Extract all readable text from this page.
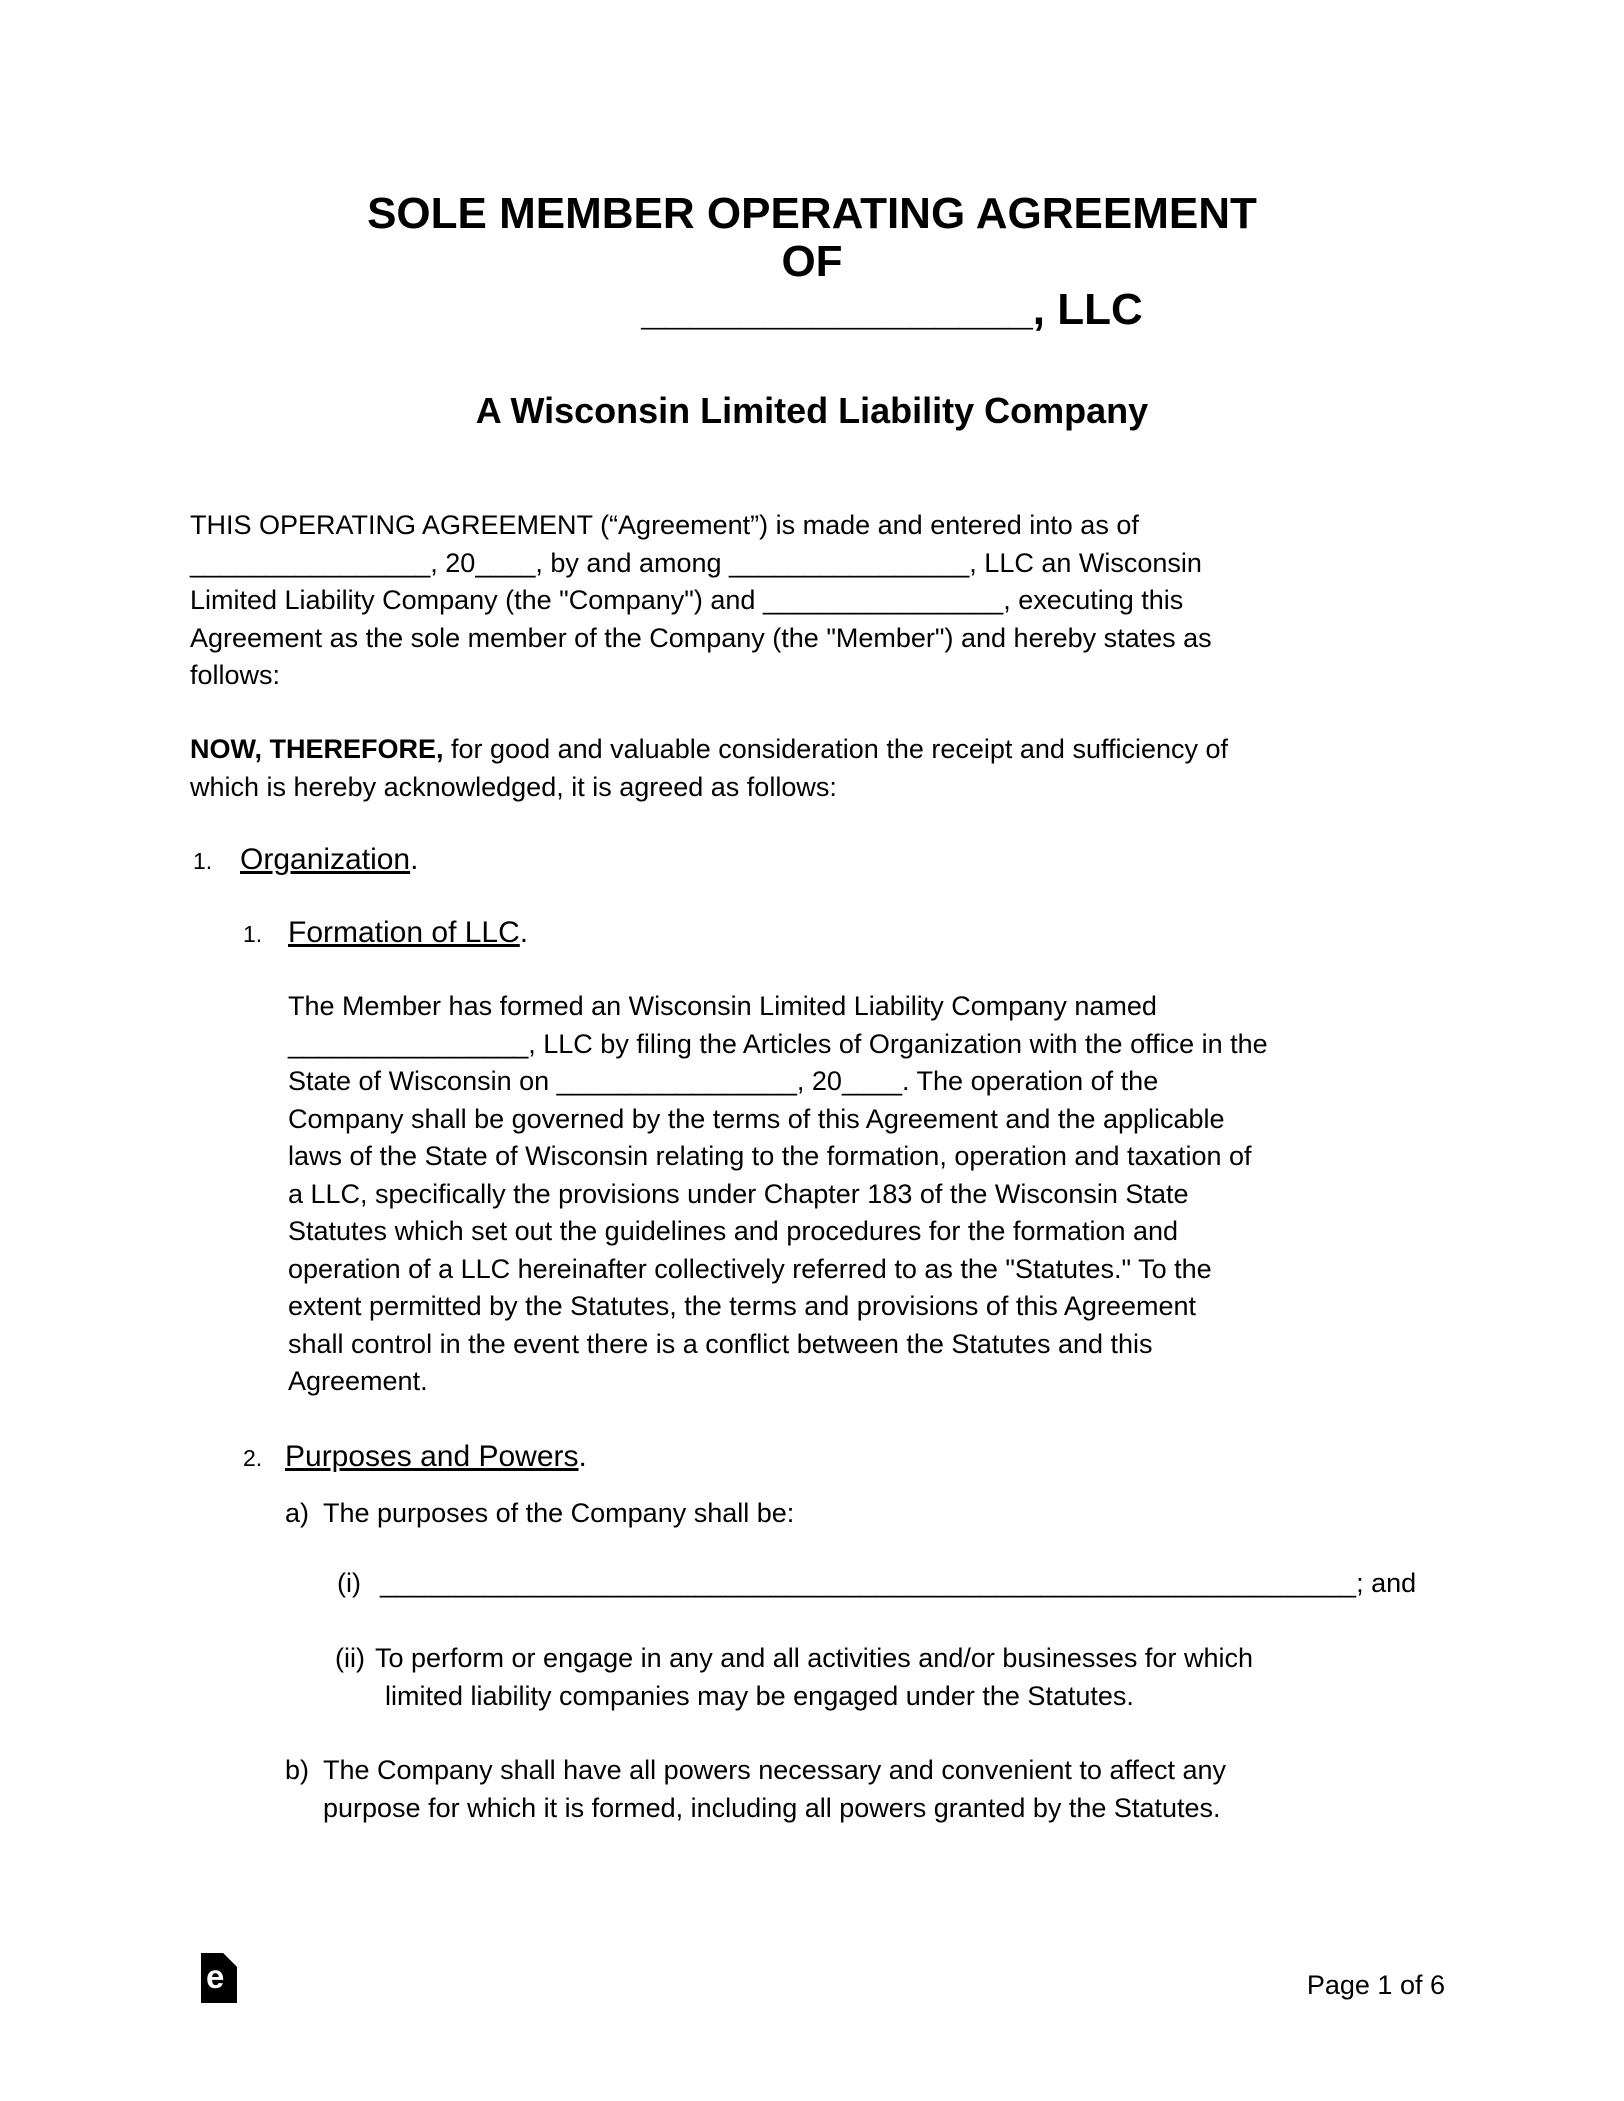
SOLE MEMBER OPERATING AGREEMENT
OF
________________, LLC
A Wisconsin Limited Liability Company
THIS OPERATING AGREEMENT (“Agreement”) is made and entered into as of
________________, 20____, by and among ________________, LLC an Wisconsin
Limited Liability Company (the "Company") and ________________, executing this
Agreement as the sole member of the Company (the "Member") and hereby states as
follows:
NOW, THEREFORE, for good and valuable consideration the receipt and sufficiency of
which is hereby acknowledged, it is agreed as follows:
1. Organization.
1. Formation of LLC.
The Member has formed an Wisconsin Limited Liability Company named
________________, LLC by filing the Articles of Organization with the office in the
State of Wisconsin on ________________, 20____. The operation of the
Company shall be governed by the terms of this Agreement and the applicable
laws of the State of Wisconsin relating to the formation, operation and taxation of
a LLC, specifically the provisions under Chapter 183 of the Wisconsin State
Statutes which set out the guidelines and procedures for the formation and
operation of a LLC hereinafter collectively referred to as the "Statutes." To the
extent permitted by the Statutes, the terms and provisions of this Agreement
shall control in the event there is a conflict between the Statutes and this
Agreement.
2. Purposes and Powers.
a) The purposes of the Company shall be:
(i) _________________________________________________________________; and
(ii) To perform or engage in any and all activities and/or businesses for which
limited liability companies may be engaged under the Statutes.
b) The Company shall have all powers necessary and convenient to affect any
purpose for which it is formed, including all powers granted by the Statutes.
e	Page 1 of 6
